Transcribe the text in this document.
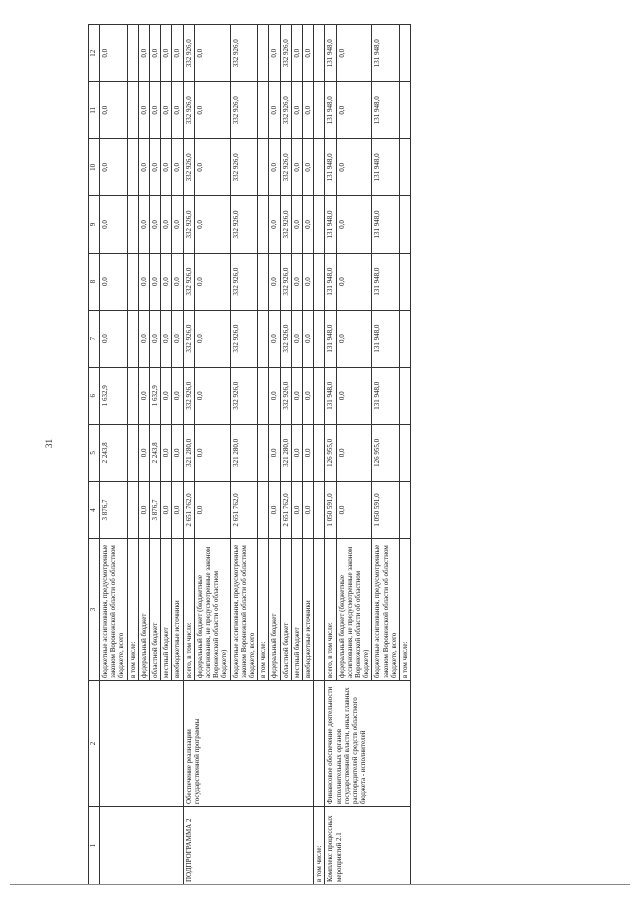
31
1	2	3	4	5	6	7	8	9	10	11	12
		бюджетные ассигнования, предусмотренные законом Воронежской области об областном бюджете, всего	3 876,7	2 243,8	1 632,9	0,0	0,0	0,0	0,0	0,0	0,0
		в том числе:									
		федеральный бюджет	0,0	0,0	0,0	0,0	0,0	0,0	0,0	0,0	0,0
		областной бюджет	3 876,7	2 243,8	1 632,9	0,0	0,0	0,0	0,0	0,0	0,0
		местный бюджет	0,0	0,0	0,0	0,0	0,0	0,0	0,0	0,0	0,0
		внебюджетные источники	0,0	0,0	0,0	0,0	0,0	0,0	0,0	0,0	0,0
ПОДПРОГРАММА 2	Обеспечение реализации государственной программы	всего, в том числе:	2 651 762,0	321 280,0	332 926,0	332 926,0	332 926,0	332 926,0	332 926,0	332 926,0	332 926,0
		федеральный бюджет (бюджетные ассигнования, не предусмотренные законом Воронежской области об областном бюджете)	0,0	0,0	0,0	0,0	0,0	0,0	0,0	0,0	0,0
		бюджетные ассигнования, предусмотренные законом Воронежской области об областном бюджете, всего	2 651 762,0	321 280,0	332 926,0	332 926,0	332 926,0	332 926,0	332 926,0	332 926,0	332 926,0
		в том числе:									
		федеральный бюджет	0,0	0,0	0,0	0,0	0,0	0,0	0,0	0,0	0,0
		областной бюджет	2 651 762,0	321 280,0	332 926,0	332 926,0	332 926,0	332 926,0	332 926,0	332 926,0	332 926,0
		местный бюджет	0,0	0,0	0,0	0,0	0,0	0,0	0,0	0,0	0,0
		внебюджетные источники	0,0	0,0	0,0	0,0	0,0	0,0	0,0	0,0	0,0
в том числе:											
Комплекс процессных мероприятий 2.1	Финансовое обеспечение деятельности исполнительных органов государственной власти, иных главных распорядителей средств областного бюджета - исполнителей	всего, в том числе:	1 050 591,0	126 955,0	131 948,0	131 948,0	131 948,0	131 948,0	131 948,0	131 948,0	131 948,0
		федеральный бюджет (бюджетные ассигнования, не предусмотренные законом Воронежской области об областном бюджете)	0,0	0,0	0,0	0,0	0,0	0,0	0,0	0,0	0,0
		бюджетные ассигнования, предусмотренные законом Воронежской области об областном бюджете, всего	1 050 591,0	126 955,0	131 948,0	131 948,0	131 948,0	131 948,0	131 948,0	131 948,0	131 948,0
		в том числе:									
